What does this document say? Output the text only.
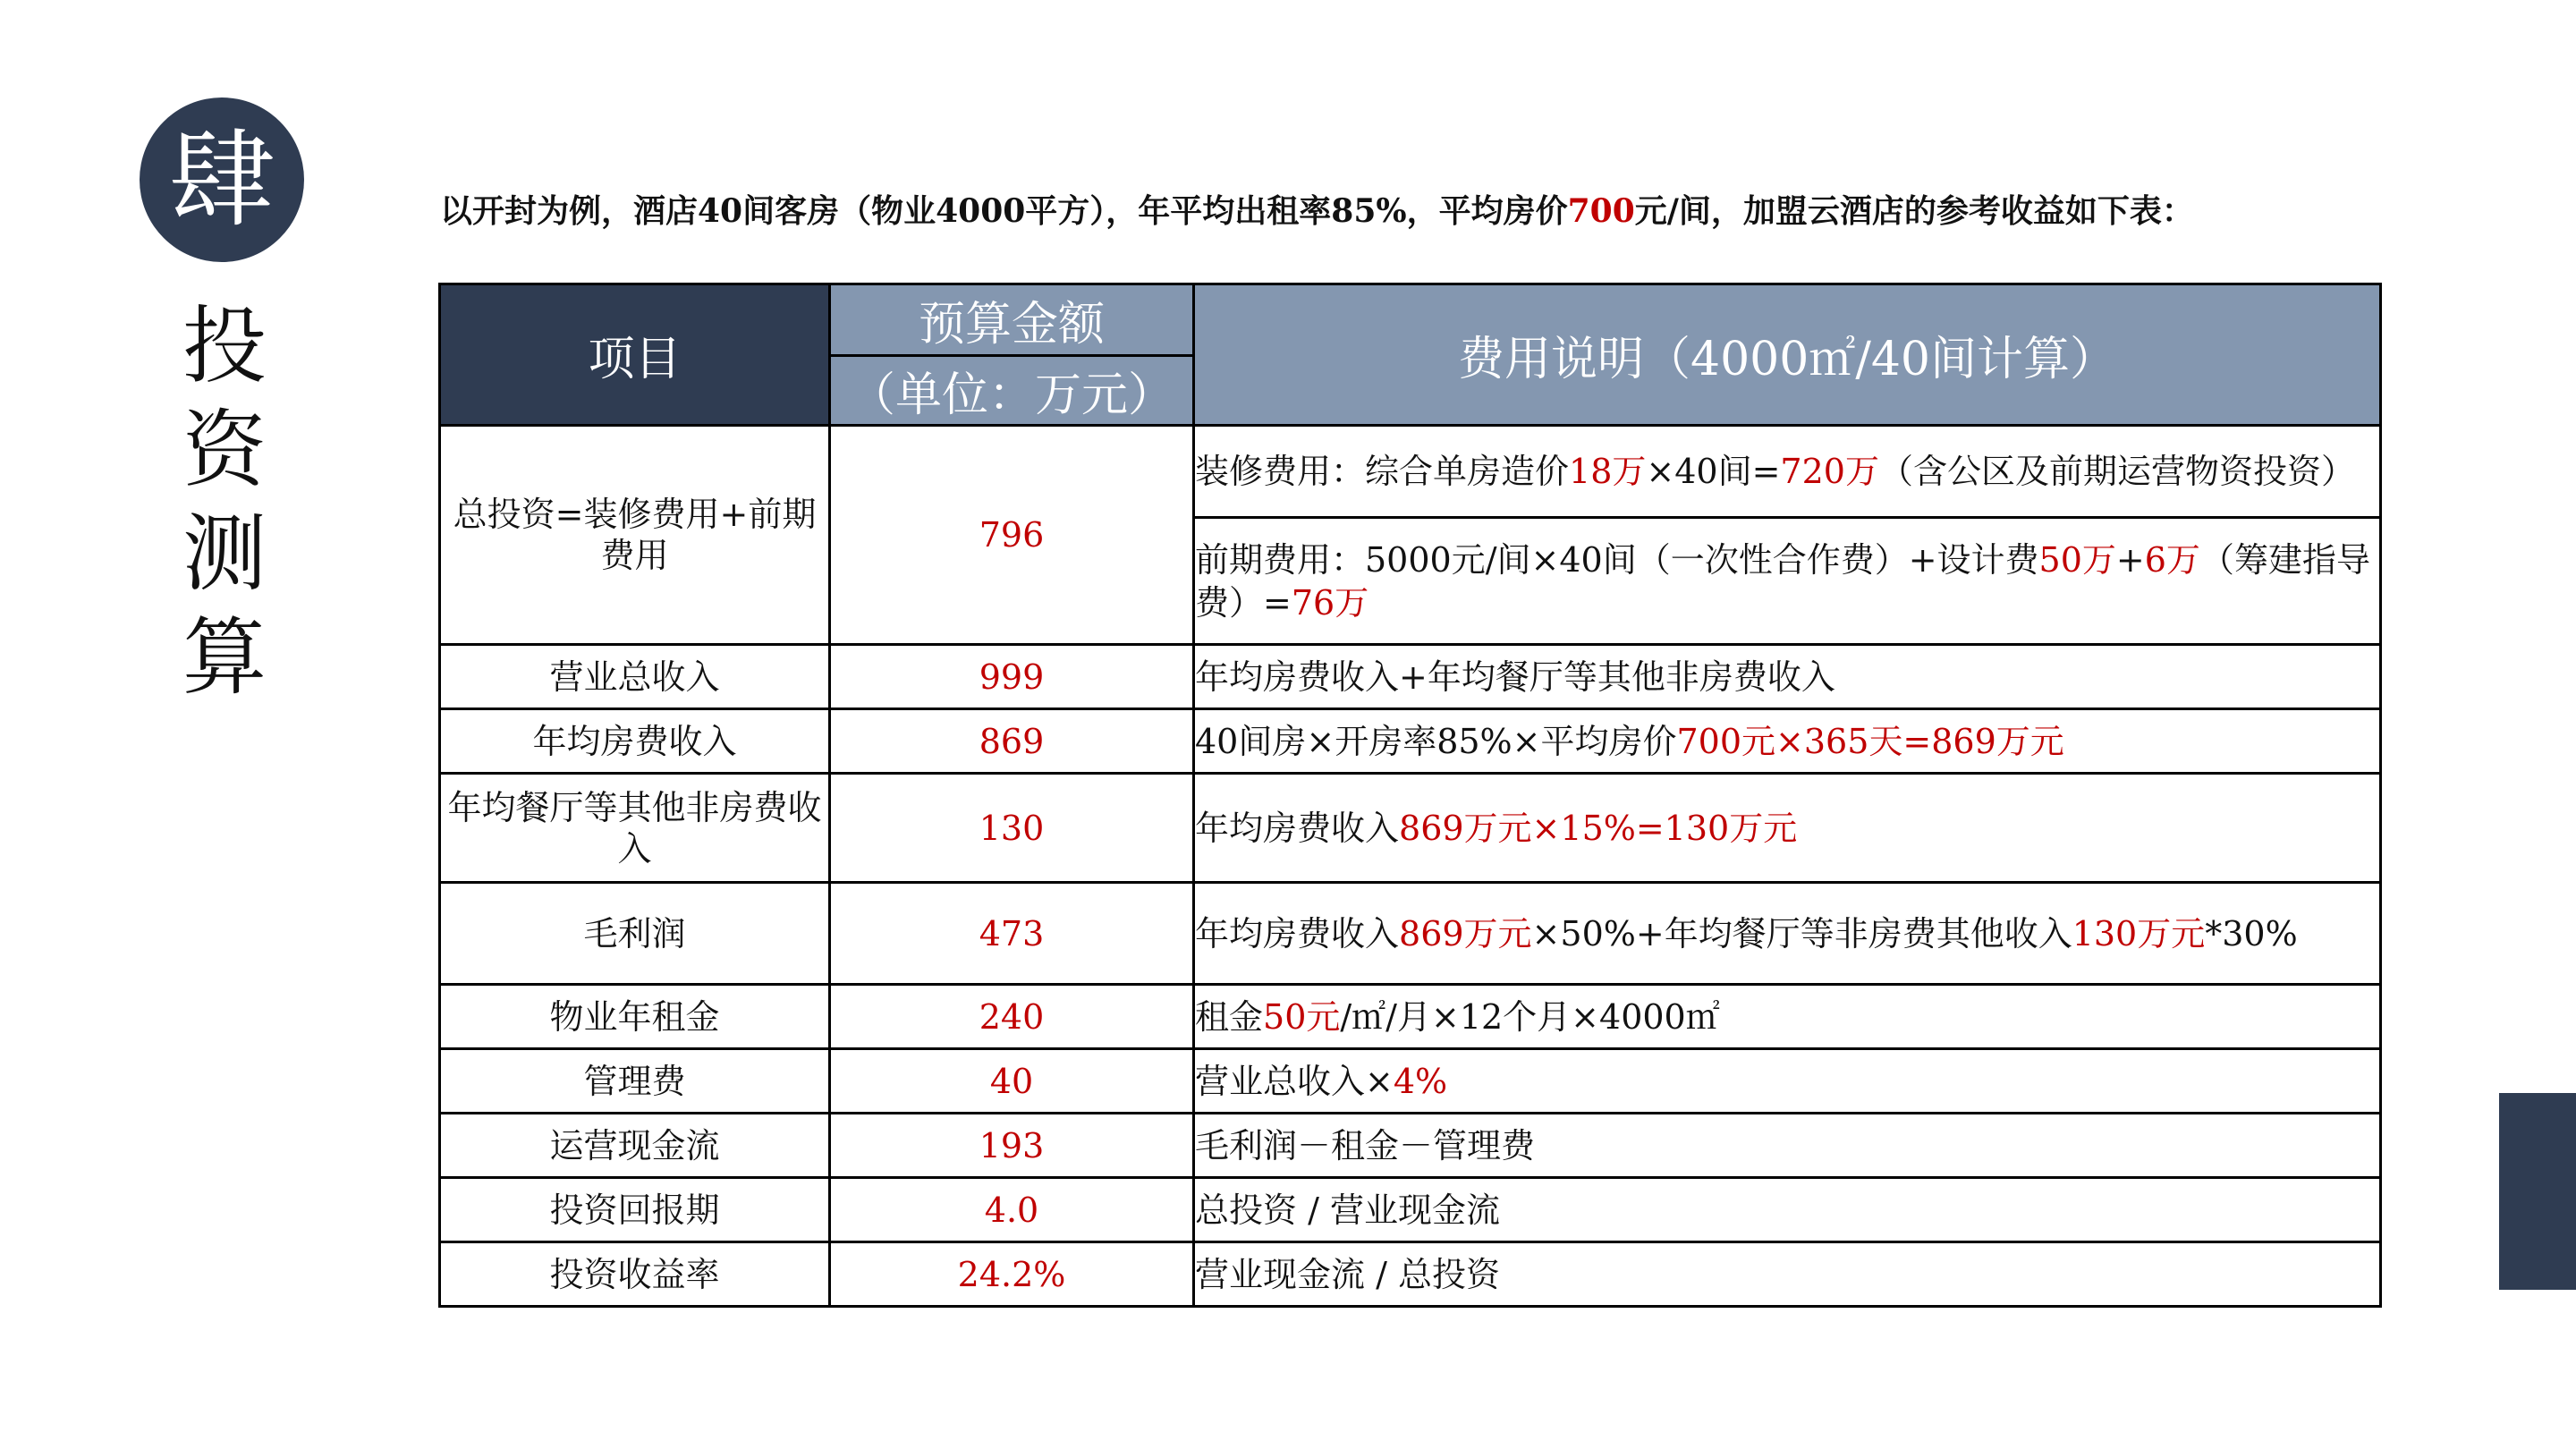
肆
投
资
测
算
以开封为例，酒店40间客房（物业4000平方），年平均出租率85%，平均房价700元/间，加盟云酒店的参考收益如下表：
项目	预算金额	费用说明（4000㎡/40间计算）
	（单位：万元）	
总投资=装修费用+前期费用	796	装修费用：综合单房造价18万×40间=720万（含公区及前期运营物资投资）
		前期费用：5000元/间×40间（一次性合作费）+设计费50万+6万（筹建指导费）=76万
营业总收入	999	年均房费收入+年均餐厅等其他非房费收入
年均房费收入	869	40间房×开房率85%×平均房价700元×365天=869万元
年均餐厅等其他非房费收入	130	年均房费收入869万元×15%=130万元
毛利润	473	年均房费收入869万元×50%+年均餐厅等非房费其他收入130万元*30%
物业年租金	240	租金50元/㎡/月×12个月×4000㎡
管理费	40	营业总收入×4%
运营现金流	193	毛利润－租金－管理费
投资回报期	4.0	总投资 / 营业现金流
投资收益率	24.2%	营业现金流 / 总投资
